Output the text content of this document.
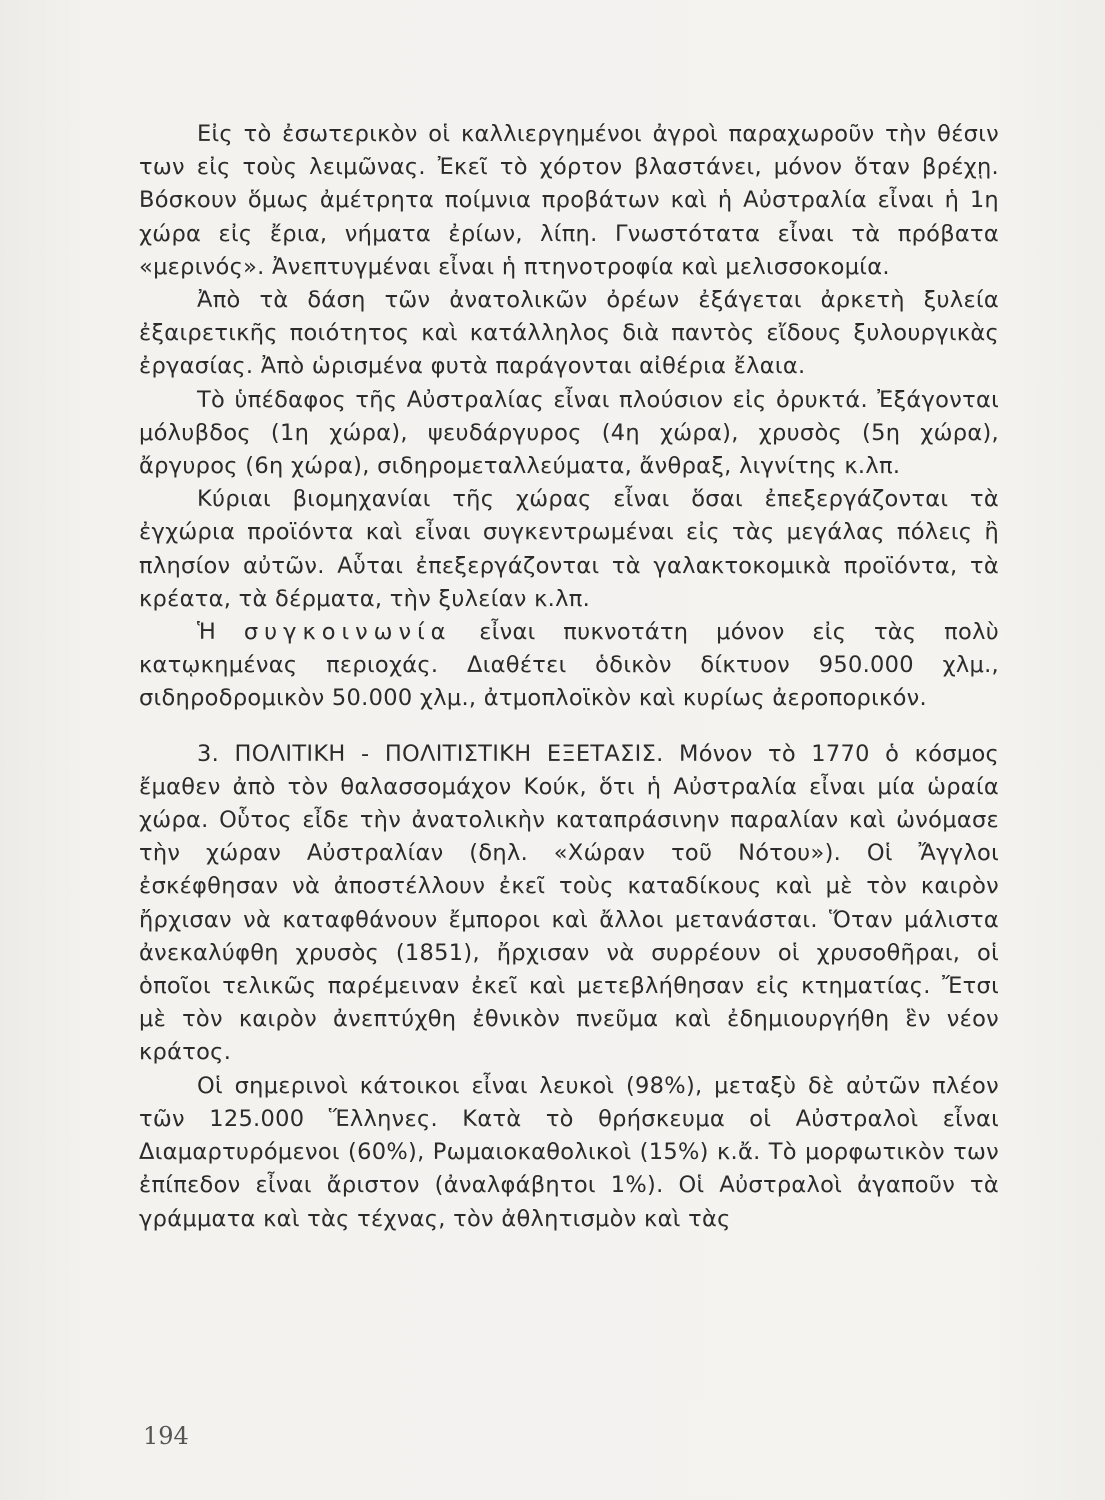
Εἰς τὸ ἐσωτερικὸν οἱ καλλιεργημένοι ἀγροὶ παραχωροῦν τὴν θέσιν των εἰς τοὺς λειμῶνας. Ἐκεῖ τὸ χόρτον βλαστάνει, μόνον ὅταν βρέχῃ. Βόσκουν ὅμως ἀμέτρητα ποίμνια προβάτων καὶ ἡ Αὐστραλία εἶναι ἡ 1η χώρα εἰς ἔρια, νήματα ἐρίων, λίπη. Γνωστότατα εἶναι τὰ πρόβατα «μερινός». Ἀνεπτυγμέναι εἶναι ἡ πτηνοτροφία καὶ μελισσοκομία.

Ἀπὸ τὰ δάση τῶν ἀνατολικῶν ὀρέων ἐξάγεται ἀρκετὴ ξυλεία ἐξαιρετικῆς ποιότητος καὶ κατάλληλος διὰ παντὸς εἴδους ξυλουργικὰς ἐργασίας. Ἀπὸ ὡρισμένα φυτὰ παράγονται αἰθέρια ἔλαια.

Τὸ ὑπέδαφος τῆς Αὐστραλίας εἶναι πλούσιον εἰς ὀρυκτά. Ἐξάγονται μόλυβδος (1η χώρα), ψευδάργυρος (4η χώρα), χρυσὸς (5η χώρα), ἄργυρος (6η χώρα), σιδηρομεταλλεύματα, ἄνθραξ, λιγνίτης κ.λπ.

Κύριαι βιομηχανίαι τῆς χώρας εἶναι ὅσαι ἐπεξεργάζονται τὰ ἐγχώρια προϊόντα καὶ εἶναι συγκεντρωμέναι εἰς τὰς μεγάλας πόλεις ἢ πλησίον αὐτῶν. Αὗται ἐπεξεργάζονται τὰ γαλακτοκομικὰ προϊόντα, τὰ κρέατα, τὰ δέρματα, τὴν ξυλείαν κ.λπ.

Ἡ συγκοινωνία εἶναι πυκνοτάτη μόνον εἰς τὰς πολὺ κατῳκημένας περιοχάς. Διαθέτει ὁδικὸν δίκτυον 950.000 χλμ., σιδηροδρομικὸν 50.000 χλμ., ἀτμοπλοϊκὸν καὶ κυρίως ἀεροπορικόν.

3. ΠΟΛΙΤΙΚΗ - ΠΟΛΙΤΙΣΤΙΚΗ ΕΞΕΤΑΣΙΣ. Μόνον τὸ 1770 ὁ κόσμος ἔμαθεν ἀπὸ τὸν θαλασσομάχον Κούκ, ὅτι ἡ Αὐστραλία εἶναι μία ὡραία χώρα. Οὗτος εἶδε τὴν ἀνατολικὴν καταπράσινην παραλίαν καὶ ὠνόμασε τὴν χώραν Αὐστραλίαν (δηλ. «Χώραν τοῦ Νότου»). Οἱ Ἄγγλοι ἐσκέφθησαν νὰ ἀποστέλλουν ἐκεῖ τοὺς καταδίκους καὶ μὲ τὸν καιρὸν ἤρχισαν νὰ καταφθάνουν ἔμποροι καὶ ἄλλοι μετανάσται. Ὅταν μάλιστα ἀνεκαλύφθη χρυσὸς (1851), ἤρχισαν νὰ συρρέουν οἱ χρυσοθῆραι, οἱ ὁποῖοι τελικῶς παρέμειναν ἐκεῖ καὶ μετεβλήθησαν εἰς κτηματίας. Ἔτσι μὲ τὸν καιρὸν ἀνεπτύχθη ἐθνικὸν πνεῦμα καὶ ἐδημιουργήθη ἓν νέον κράτος.

Οἱ σημερινοὶ κάτοικοι εἶναι λευκοὶ (98%), μεταξὺ δὲ αὐτῶν πλέον τῶν 125.000 Ἕλληνες. Κατὰ τὸ θρήσκευμα οἱ Αὐστραλοὶ εἶναι Διαμαρτυρόμενοι (60%), Ρωμαιοκαθολικοὶ (15%) κ.ἄ. Τὸ μορφωτικὸν των ἐπίπεδον εἶναι ἄριστον (ἀναλφάβητοι 1%). Οἱ Αὐστραλοὶ ἀγαποῦν τὰ γράμματα καὶ τὰς τέχνας, τὸν ἀθλητισμὸν καὶ τὰς

194
